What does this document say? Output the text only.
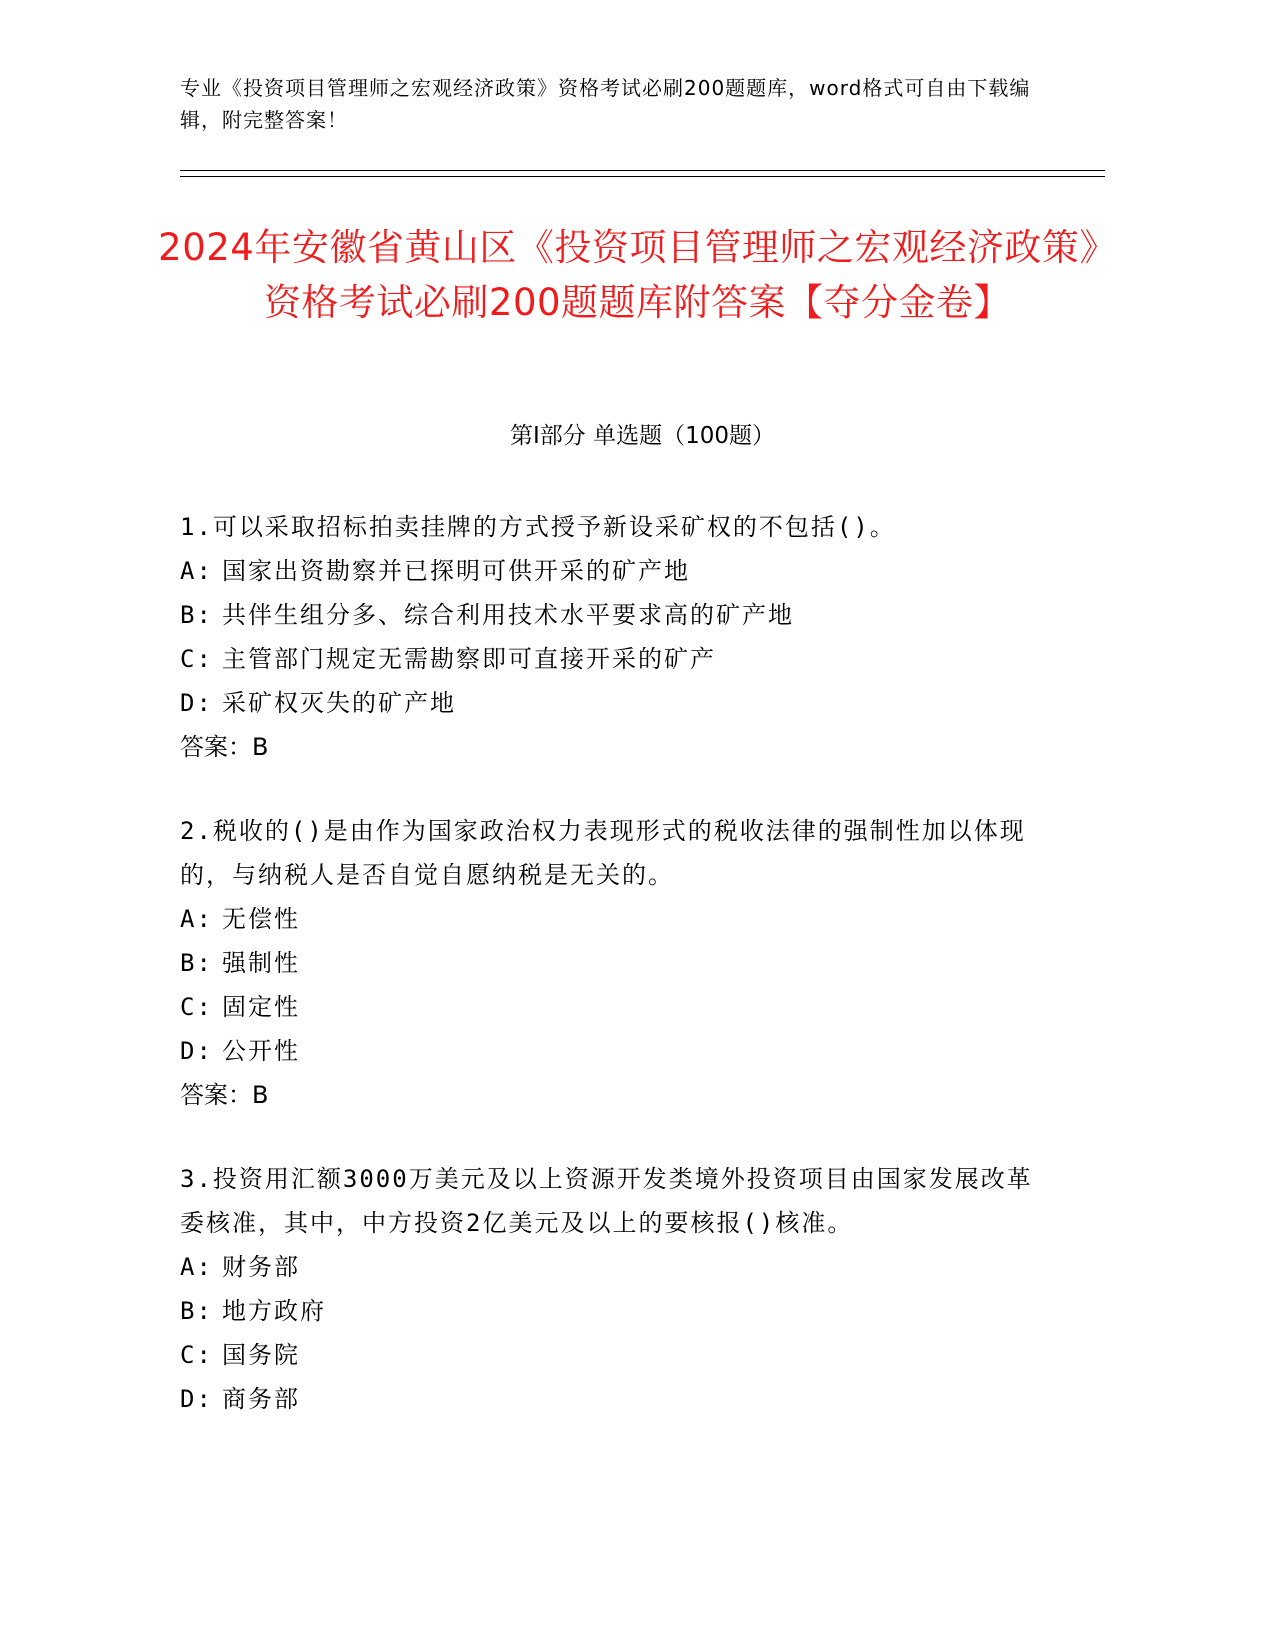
专业《投资项目管理师之宏观经济政策》资格考试必刷200题题库，word格式可自由下载编辑，附完整答案！
2024年安徽省黄山区《投资项目管理师之宏观经济政策》资格考试必刷200题题库附答案【夺分金卷】
第I部分 单选题（100题）
1.可以采取招标拍卖挂牌的方式授予新设采矿权的不包括()。
A: 国家出资勘察并已探明可供开采的矿产地
B: 共伴生组分多、综合利用技术水平要求高的矿产地
C: 主管部门规定无需勘察即可直接开采的矿产
D: 采矿权灭失的矿产地
答案：B
2.税收的()是由作为国家政治权力表现形式的税收法律的强制性加以体现的，与纳税人是否自觉自愿纳税是无关的。
A: 无偿性
B: 强制性
C: 固定性
D: 公开性
答案：B
3.投资用汇额3000万美元及以上资源开发类境外投资项目由国家发展改革委核准，其中，中方投资2亿美元及以上的要核报()核准。
A: 财务部
B: 地方政府
C: 国务院
D: 商务部
